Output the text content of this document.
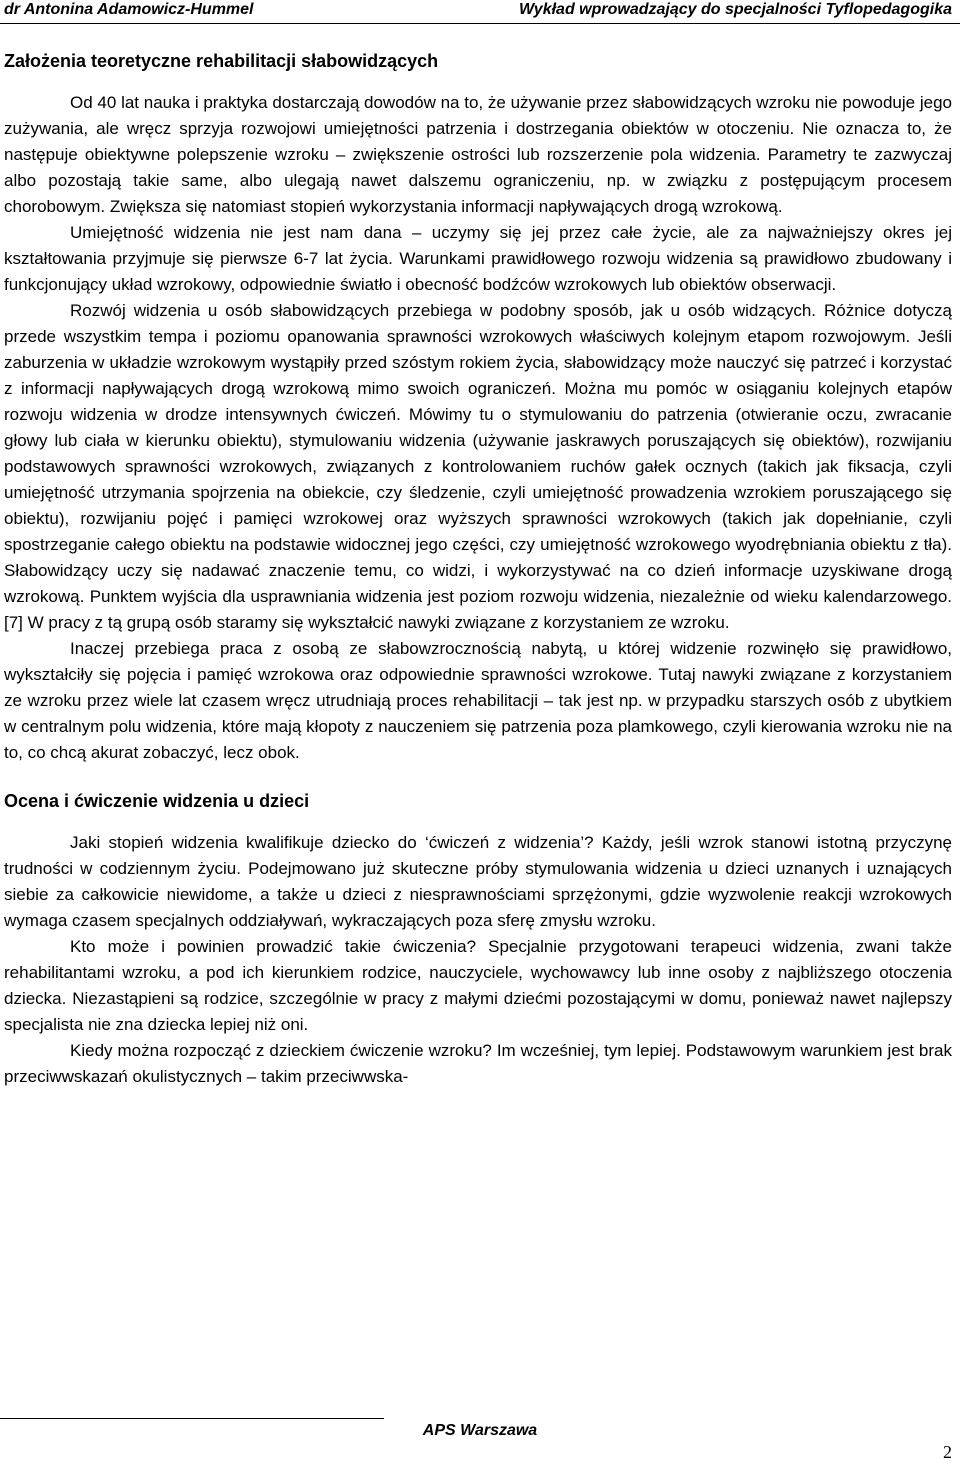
dr Antonina Adamowicz-Hummel	Wykład wprowadzający do specjalności Tyflopedagogika
Założenia teoretyczne rehabilitacji słabowidzących

Od 40 lat nauka i praktyka dostarczają dowodów na to, że używanie przez słabowidzących wzroku nie powoduje jego zużywania, ale wręcz sprzyja rozwojowi umiejętności patrzenia i dostrzegania obiektów w otoczeniu. Nie oznacza to, że następuje obiektywne polepszenie wzroku – zwiększenie ostrości lub rozszerzenie pola widzenia. Parametry te zazwyczaj albo pozostają takie same, albo ulegają nawet dalszemu ograniczeniu, np. w związku z postępującym procesem chorobowym. Zwiększa się natomiast stopień wykorzystania informacji napływających drogą wzrokową.

Umiejętność widzenia nie jest nam dana – uczymy się jej przez całe życie, ale za najważniejszy okres jej kształtowania przyjmuje się pierwsze 6-7 lat życia. Warunkami prawidłowego rozwoju widzenia są prawidłowo zbudowany i funkcjonujący układ wzrokowy, odpowiednie światło i obecność bodźców wzrokowych lub obiektów obserwacji.

Rozwój widzenia u osób słabowidzących przebiega w podobny sposób, jak u osób widzących. Różnice dotyczą przede wszystkim tempa i poziomu opanowania sprawności wzrokowych właściwych kolejnym etapom rozwojowym. Jeśli zaburzenia w układzie wzrokowym wystąpiły przed szóstym rokiem życia, słabowidzący może nauczyć się patrzeć i korzystać z informacji napływających drogą wzrokową mimo swoich ograniczeń. Można mu pomóc w osiąganiu kolejnych etapów rozwoju widzenia w drodze intensywnych ćwiczeń. Mówimy tu o stymulowaniu do patrzenia (otwieranie oczu, zwracanie głowy lub ciała w kierunku obiektu), stymulowaniu widzenia (używanie jaskrawych poruszających się obiektów), rozwijaniu podstawowych sprawności wzrokowych, związanych z kontrolowaniem ruchów gałek ocznych (takich jak fiksacja, czyli umiejętność utrzymania spojrzenia na obiekcie, czy śledzenie, czyli umiejętność prowadzenia wzrokiem poruszającego się obiektu), rozwijaniu pojęć i pamięci wzrokowej oraz wyższych sprawności wzrokowych (takich jak dopełnianie, czyli spostrzeganie całego obiektu na podstawie widocznej jego części, czy umiejętność wzrokowego wyodrębniania obiektu z tła). Słabowidzący uczy się nadawać znaczenie temu, co widzi, i wykorzystywać na co dzień informacje uzyskiwane drogą wzrokową. Punktem wyjścia dla usprawniania widzenia jest poziom rozwoju widzenia, niezależnie od wieku kalendarzowego. [7] W pracy z tą grupą osób staramy się wykształcić nawyki związane z korzystaniem ze wzroku.

Inaczej przebiega praca z osobą ze słabowzrocznością nabytą, u której widzenie rozwinęło się prawidłowo, wykształciły się pojęcia i pamięć wzrokowa oraz odpowiednie sprawności wzrokowe. Tutaj nawyki związane z korzystaniem ze wzroku przez wiele lat czasem wręcz utrudniają proces rehabilitacji – tak jest np. w przypadku starszych osób z ubytkiem w centralnym polu widzenia, które mają kłopoty z nauczeniem się patrzenia poza plamkowego, czyli kierowania wzroku nie na to, co chcą akurat zobaczyć, lecz obok.

Ocena i ćwiczenie widzenia u dzieci

Jaki stopień widzenia kwalifikuje dziecko do ‘ćwiczeń z widzenia’? Każdy, jeśli wzrok stanowi istotną przyczynę trudności w codziennym życiu. Podejmowano już skuteczne próby stymulowania widzenia u dzieci uznanych i uznających siebie za całkowicie niewidome, a także u dzieci z niesprawnościami sprzężonymi, gdzie wyzwolenie reakcji wzrokowych wymaga czasem specjalnych oddziaływań, wykraczających poza sferę zmysłu wzroku.

Kto może i powinien prowadzić takie ćwiczenia? Specjalnie przygotowani terapeuci widzenia, zwani także rehabilitantami wzroku, a pod ich kierunkiem rodzice, nauczyciele, wychowawcy lub inne osoby z najbliższego otoczenia dziecka. Niezastąpieni są rodzice, szczególnie w pracy z małymi dziećmi pozostającymi w domu, ponieważ nawet najlepszy specjalista nie zna dziecka lepiej niż oni.

Kiedy można rozpocząć z dzieckiem ćwiczenie wzroku? Im wcześniej, tym lepiej. Podstawowym warunkiem jest brak przeciwwskazań okulistycznych – takim przeciwwska-

APS Warszawa
2
